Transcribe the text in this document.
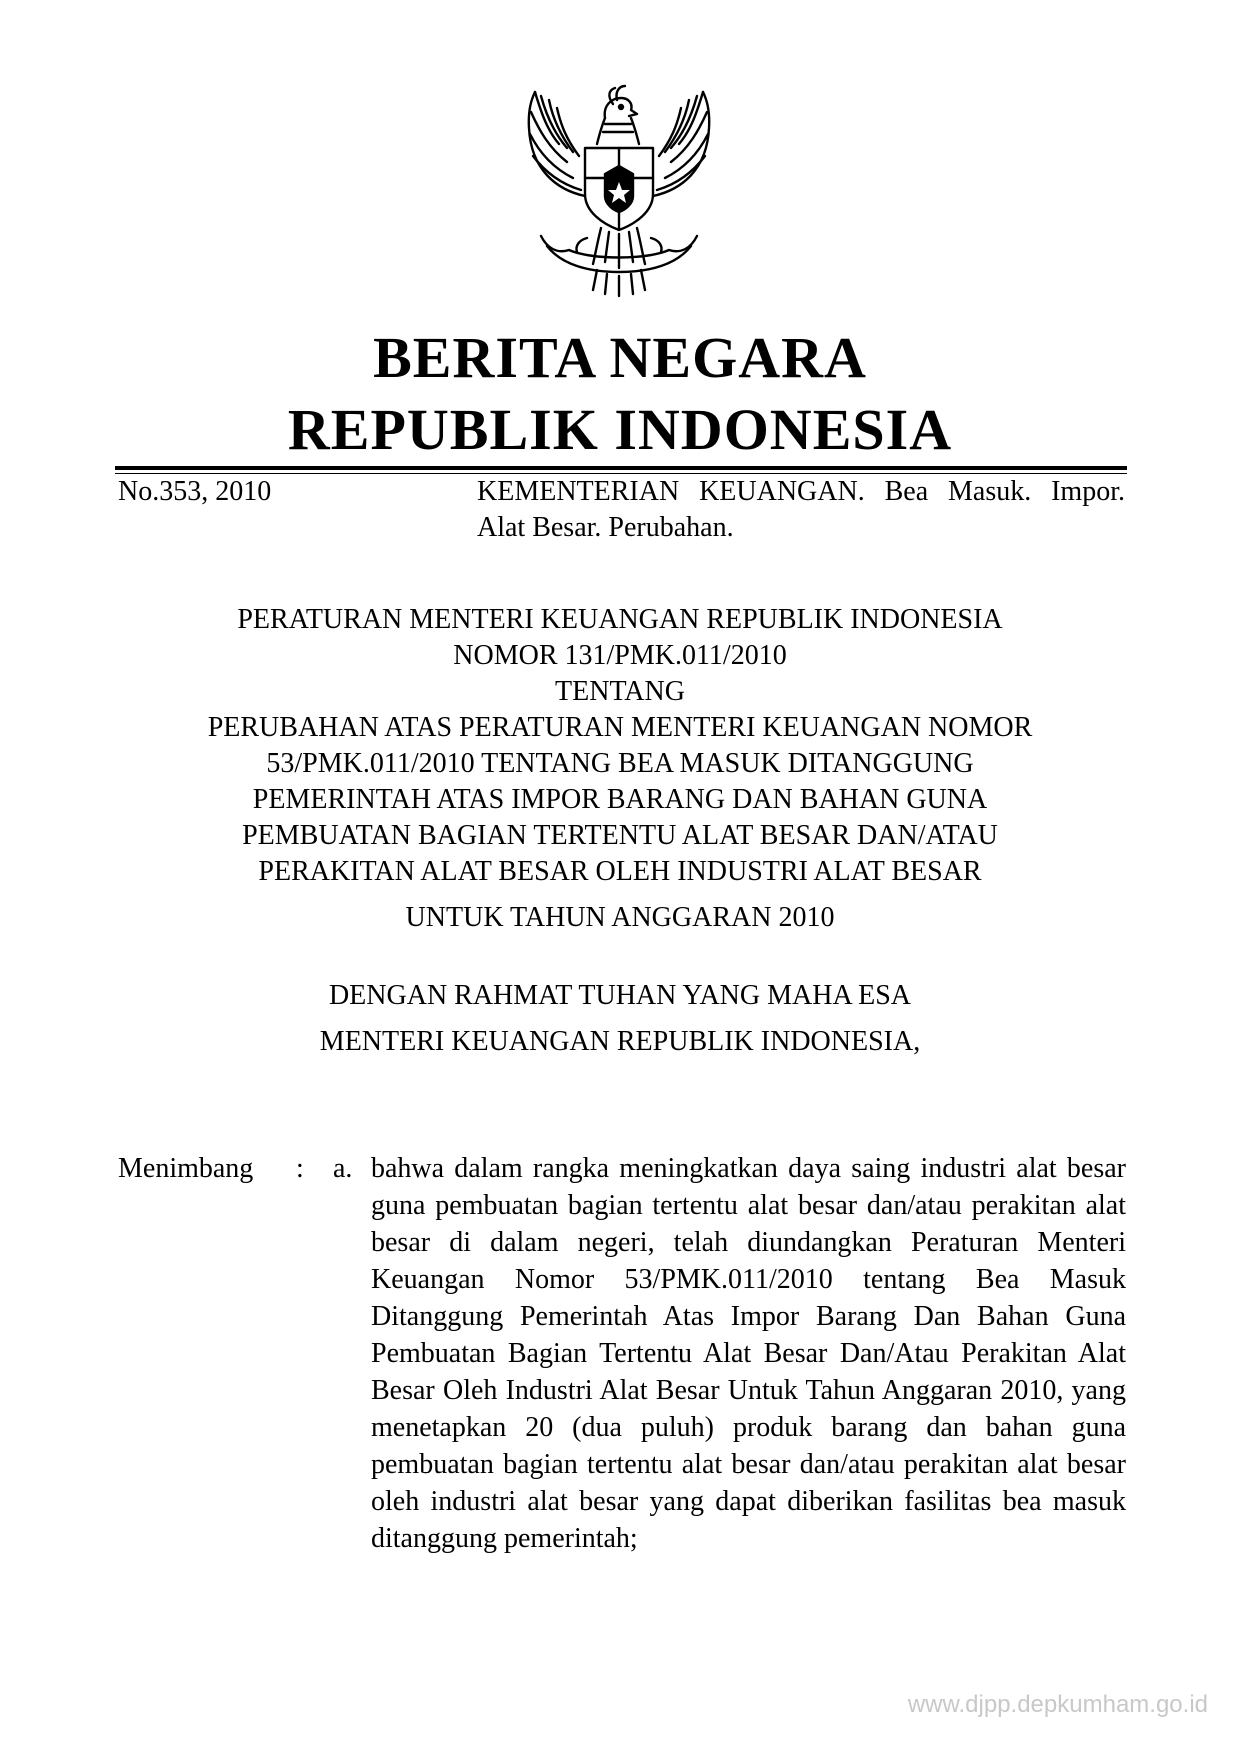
BERITA NEGARA
REPUBLIK INDONESIA
No.353, 2010	KEMENTERIAN KEUANGAN. Bea Masuk. Impor. Alat Besar. Perubahan.
PERATURAN MENTERI KEUANGAN REPUBLIK INDONESIA
NOMOR 131/PMK.011/2010
TENTANG
PERUBAHAN ATAS PERATURAN MENTERI KEUANGAN NOMOR
53/PMK.011/2010 TENTANG BEA MASUK DITANGGUNG
PEMERINTAH ATAS IMPOR BARANG DAN BAHAN GUNA
PEMBUATAN BAGIAN TERTENTU ALAT BESAR DAN/ATAU
PERAKITAN ALAT BESAR OLEH INDUSTRI ALAT BESAR
UNTUK TAHUN ANGGARAN 2010
DENGAN RAHMAT TUHAN YANG MAHA ESA
MENTERI KEUANGAN REPUBLIK INDONESIA,
Menimbang : a. bahwa dalam rangka meningkatkan daya saing industri alat besar guna pembuatan bagian tertentu alat besar dan/atau perakitan alat besar di dalam negeri, telah diundangkan Peraturan Menteri Keuangan Nomor 53/PMK.011/2010 tentang Bea Masuk Ditanggung Pemerintah Atas Impor Barang Dan Bahan Guna Pembuatan Bagian Tertentu Alat Besar Dan/Atau Perakitan Alat Besar Oleh Industri Alat Besar Untuk Tahun Anggaran 2010, yang menetapkan 20 (dua puluh) produk barang dan bahan guna pembuatan bagian tertentu alat besar dan/atau perakitan alat besar oleh industri alat besar yang dapat diberikan fasilitas bea masuk ditanggung pemerintah;
www.djpp.depkumham.go.id
